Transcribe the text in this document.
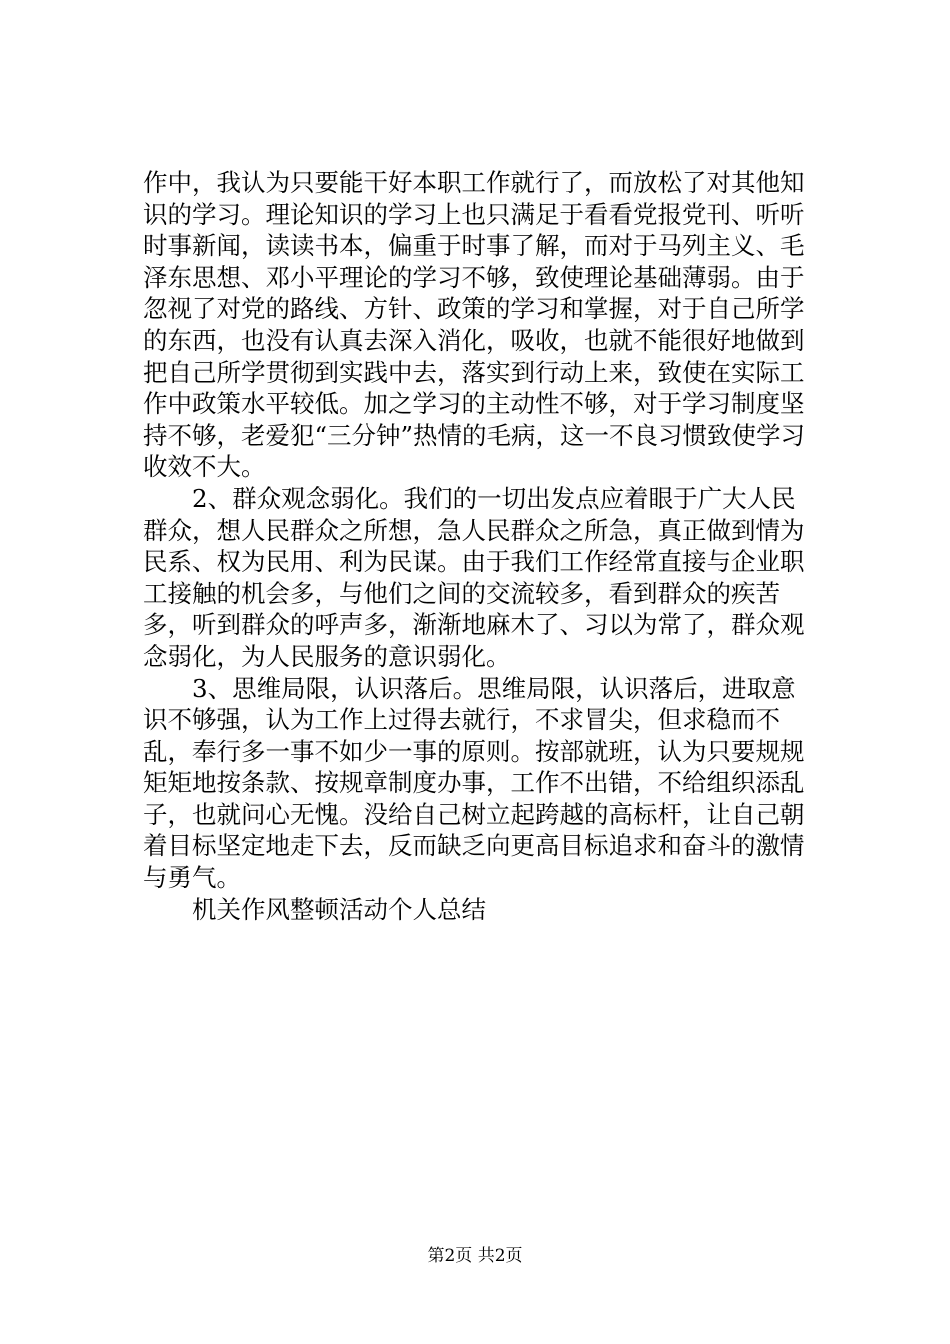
作中，我认为只要能干好本职工作就行了，而放松了对其他知识的学习。理论知识的学习上也只满足于看看党报党刊、听听时事新闻，读读书本，偏重于时事了解，而对于马列主义、毛泽东思想、邓小平理论的学习不够，致使理论基础薄弱。由于忽视了对党的路线、方针、政策的学习和掌握，对于自己所学的东西，也没有认真去深入消化，吸收，也就不能很好地做到把自己所学贯彻到实践中去，落实到行动上来，致使在实际工作中政策水平较低。加之学习的主动性不够，对于学习制度坚持不够，老爱犯“三分钟”热情的毛病，这一不良习惯致使学习收效不大。

2、群众观念弱化。我们的一切出发点应着眼于广大人民群众，想人民群众之所想，急人民群众之所急，真正做到情为民系、权为民用、利为民谋。由于我们工作经常直接与企业职工接触的机会多，与他们之间的交流较多，看到群众的疾苦多，听到群众的呼声多，渐渐地麻木了、习以为常了，群众观念弱化，为人民服务的意识弱化。

3、思维局限，认识落后。思维局限，认识落后，进取意识不够强，认为工作上过得去就行，不求冒尖，但求稳而不乱，奉行多一事不如少一事的原则。按部就班，认为只要规规矩矩地按条款、按规章制度办事，工作不出错，不给组织添乱子，也就问心无愧。没给自己树立起跨越的高标杆，让自己朝着目标坚定地走下去，反而缺乏向更高目标追求和奋斗的激情与勇气。

机关作风整顿活动个人总结

第2页 共2页
